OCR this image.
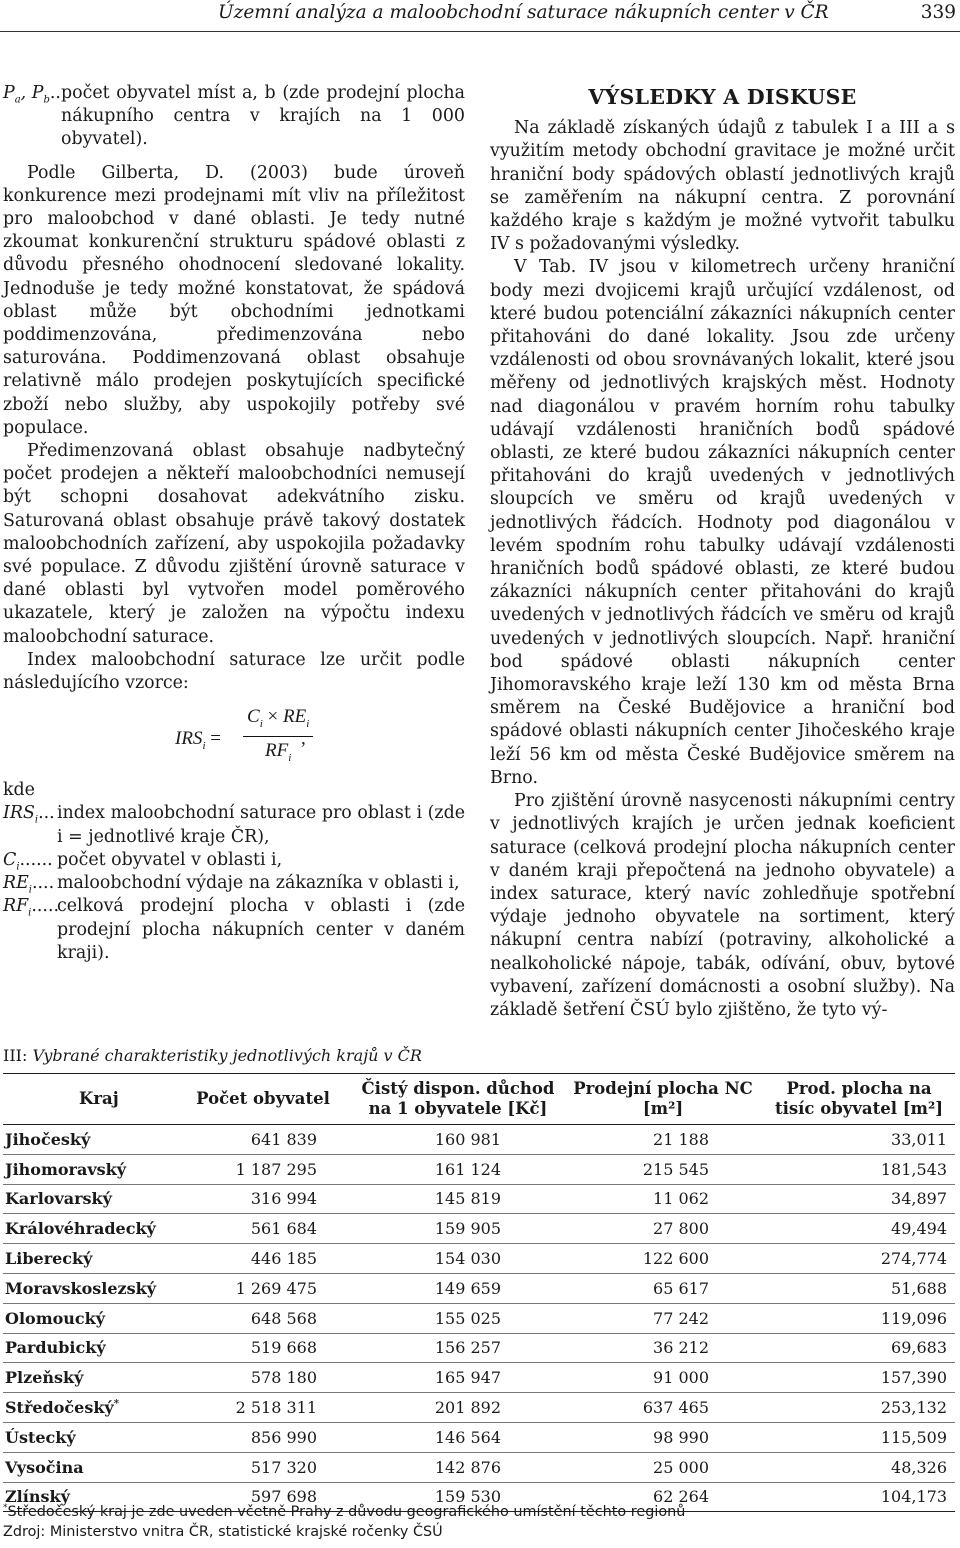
Územní analýza a maloobchodní saturace nákupních center v ČR	339
$P_a$, $P_b$.. počet obyvatel míst a, b (zde prodejní plocha nákupního centra v krajích na 1 000 obyvatel).

Podle Gilberta, D. (2003) bude úroveň konkurence mezi prodejnami mít vliv na příležitost pro maloobchod v dané oblasti. Je tedy nutné zkoumat konkurenční strukturu spádové oblasti z důvodu přesného ohodnocení sledované lokality. Jednoduše je tedy možné konstatovat, že spádová oblast může být obchodními jednotkami poddimenzována, předimenzována nebo saturována. Poddimenzovaná oblast obsahuje relativně málo prodejen poskytujících specifické zboží nebo služby, aby uspokojily potřeby své populace.

Předimenzovaná oblast obsahuje nadbytečný počet prodejen a někteří maloobchodníci nemusejí být schopni dosahovat adekvátního zisku. Saturovaná oblast obsahuje právě takový dostatek maloobchodních zařízení, aby uspokojila požadavky své populace. Z důvodu zjištění úrovně saturace v dané oblasti byl vytvořen model poměrového ukazatele, který je založen na výpočtu indexu maloobchodní saturace.

Index maloobchodní saturace lze určit podle následujícího vzorce:

$IRS_i$ =
$C_i \times RE_i$
$RF_i$
,

kde

$IRS_i$... index maloobchodní saturace pro oblast i (zde i = jednotlivé kraje ČR),
$C_i$...... počet obyvatel v oblasti i,
$RE_i$.... maloobchodní výdaje na zákazníka v oblasti i,
$RF_i$.....
celková prodejní plocha v oblasti i (zde prodejní plocha nákupních center v daném kraji).
VÝSLEDKY A DISKUSE

Na základě získaných údajů z tabulek I a III a s využitím metody obchodní gravitace je možné určit hraniční body spádových oblastí jednotlivých krajů se zaměřením na nákupní centra. Z porovnání každého kraje s každým je možné vytvořit tabulku IV s požadovanými výsledky.

V Tab. IV jsou v kilometrech určeny hraniční body mezi dvojicemi krajů určující vzdálenost, od které budou potenciální zákazníci nákupních center přitahováni do dané lokality. Jsou zde určeny vzdálenosti od obou srovnávaných lokalit, které jsou měřeny od jednotlivých krajských měst. Hodnoty nad diagonálou v pravém horním rohu tabulky udávají vzdálenosti hraničních bodů spádové oblasti, ze které budou zákazníci nákupních center přitahováni do krajů uvedených v jednotlivých sloupcích ve směru od krajů uvedených v jednotlivých řádcích. Hodnoty pod diagonálou v levém spodním rohu tabulky udávají vzdálenosti hraničních bodů spádové oblasti, ze které budou zákazníci nákupních center přitahováni do krajů uvedených v jednotlivých řádcích ve směru od krajů uvedených v jednotlivých sloupcích. Např. hraniční bod spádové oblasti nákupních center Jihomoravského kraje leží 130 km od města Brna směrem na České Budějovice a hraniční bod spádové oblasti nákupních center Jihočeského kraje leží 56 km od města České Budějovice směrem na Brno.

Pro zjištění úrovně nasycenosti nákupními centry v jednotlivých krajích je určen jednak koeficient saturace (celková prodejní plocha nákupních center v daném kraji přepočtená na jednoho obyvatele) a index saturace, který navíc zohledňuje spotřební výdaje jednoho obyvatele na sortiment, který nákupní centra nabízí (potraviny, alkoholické a nealkoholické nápoje, tabák, odívání, obuv, bytové vybavení, zařízení domácnosti a osobní služby). Na základě šetření ČSÚ bylo zjištěno, že tyto vý-

III: Vybrané charakteristiky jednotlivých krajů v ČR
Kraj	Počet obyvatel	Čistý dispon. důchod na 1 obyvatele [Kč]	Prodejní plocha NC [m²]	Prod. plocha na tisíc obyvatel [m²]
Jihočeský	641 839	160 981	21 188	33,011
Jihomoravský	1 187 295	161 124	215 545	181,543
Karlovarský	316 994	145 819	11 062	34,897
Královéhradecký	561 684	159 905	27 800	49,494
Liberecký	446 185	154 030	122 600	274,774
Moravskoslezský	1 269 475	149 659	65 617	51,688
Olomoucký	648 568	155 025	77 242	119,096
Pardubický	519 668	156 257	36 212	69,683
Plzeňský	578 180	165 947	91 000	157,390
Středočeský*	2 518 311	201 892	637 465	253,132
Ústecký	856 990	146 564	98 990	115,509
Vysočina	517 320	142 876	25 000	48,326
Zlínský	597 698	159 530	62 264	104,173
*Středočeský kraj je zde uveden včetně Prahy z důvodu geografického umístění těchto regionů
Zdroj: Ministerstvo vnitra ČR, statistické krajské ročenky ČSÚ
